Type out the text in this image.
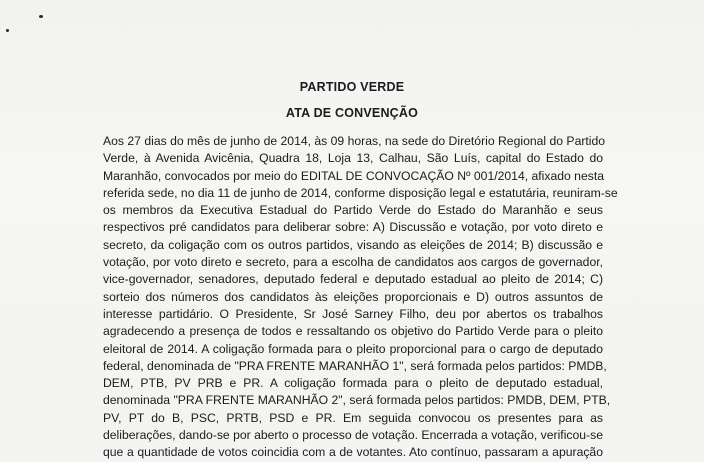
PARTIDO VERDE
ATA DE CONVENÇÃO
Aos 27 dias do mês de junho de 2014, às 09 horas, na sede do Diretório Regional do Partido
Verde, à Avenida Avicênia, Quadra 18, Loja 13, Calhau, São Luís, capital do Estado do
Maranhão, convocados por meio do EDITAL DE CONVOCAÇÃO Nº 001/2014, afixado nesta
referida sede, no dia 11 de junho de 2014, conforme disposição legal e estatutária, reuniram-se
os membros da Executiva Estadual do Partido Verde do Estado do Maranhão e seus
respectivos pré candidatos para deliberar sobre: A) Discussão e votação, por voto direto e
secreto, da coligação com os outros partidos, visando as eleições de 2014; B) discussão e
votação, por voto direto e secreto, para a escolha de candidatos aos cargos de governador,
vice-governador, senadores, deputado federal e deputado estadual ao pleito de 2014; C)
sorteio dos números dos candidatos às eleições proporcionais e D) outros assuntos de
interesse partidário. O Presidente, Sr José Sarney Filho, deu por abertos os trabalhos
agradecendo a presença de todos e ressaltando os objetivo do Partido Verde para o pleito
eleitoral de 2014. A coligação formada para o pleito proporcional para o cargo de deputado
federal, denominada de "PRA FRENTE MARANHÃO 1", será formada pelos partidos: PMDB,
DEM, PTB, PV PRB e PR. A coligação formada para o pleito de deputado estadual,
denominada "PRA FRENTE MARANHÃO 2", será formada pelos partidos: PMDB, DEM, PTB,
PV, PT do B, PSC, PRTB, PSD e PR. Em seguida convocou os presentes para as
deliberações, dando-se por aberto o processo de votação. Encerrada a votação, verificou-se
que a quantidade de votos coincidia com a de votantes. Ato contínuo, passaram a apuração
